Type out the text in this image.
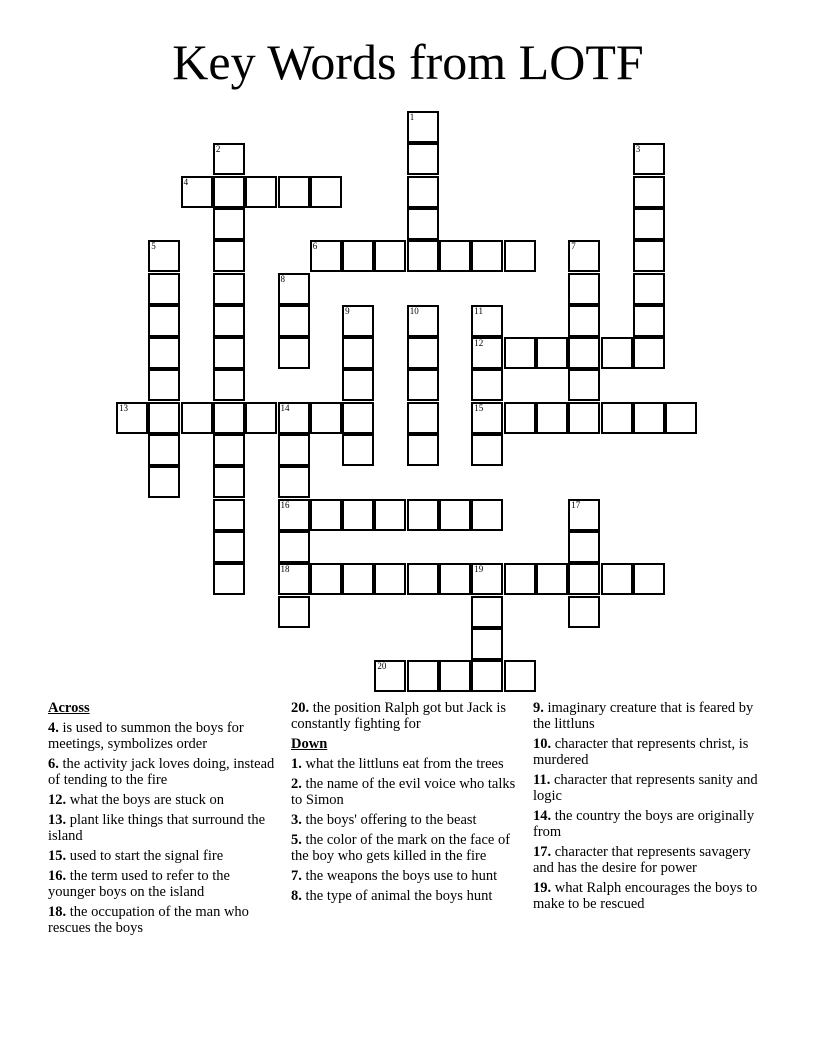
Key Words from LOTF
1
2	3
4
5	6	7
8
9	10	11
12
13	14	15
16	17
18	19
20
Across
4. is used to summon the boys for meetings, symbolizes order
6. the activity jack loves doing, instead of tending to the fire
12. what the boys are stuck on
13. plant like things that surround the island
15. used to start the signal fire
16. the term used to refer to the younger boys on the island
18. the occupation of the man who rescues the boys
20. the position Ralph got but Jack is constantly fighting for
Down
1. what the littluns eat from the trees
2. the name of the evil voice who talks to Simon
3. the boys' offering to the beast
5. the color of the mark on the face of the boy who gets killed in the fire
7. the weapons the boys use to hunt
8. the type of animal the boys hunt
9. imaginary creature that is feared by the littluns
10. character that represents christ, is murdered
11. character that represents sanity and logic
14. the country the boys are originally from
17. character that represents savagery and has the desire for power
19. what Ralph encourages the boys to make to be rescued
